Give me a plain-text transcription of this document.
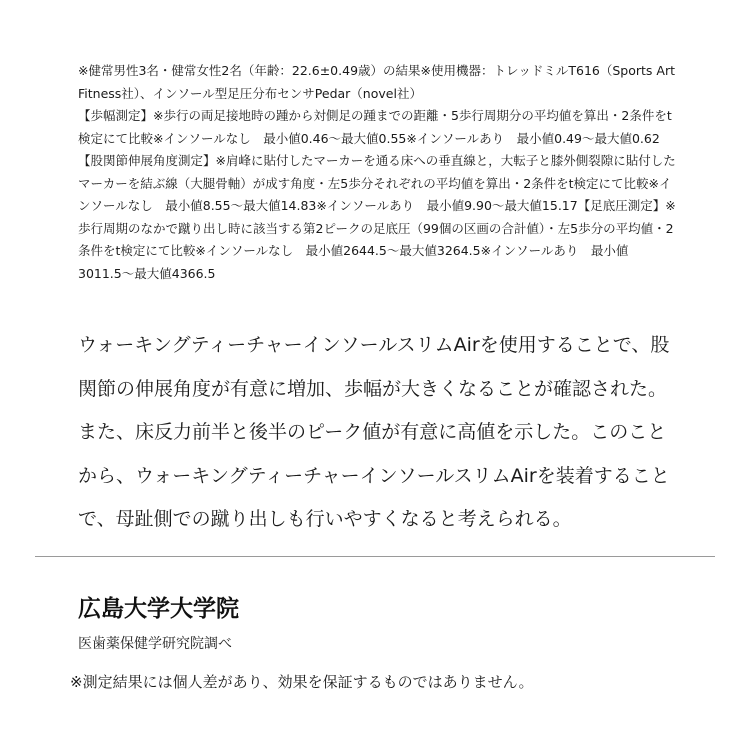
※健常男性3名・健常女性2名（年齢：22.6±0.49歳）の結果※使用機器：トレッドミルT616（Sports Art Fitness社）、インソール型足圧分布センサPedar（novel社）

【歩幅測定】※歩行の両足接地時の踵から対側足の踵までの距離・5歩行周期分の平均値を算出・2条件をt検定にて比較※インソールなし　最小値0.46〜最大値0.55※インソールあり　最小値0.49〜最大値0.62【股関節伸展角度測定】※肩峰に貼付したマーカーを通る床への垂直線と，大転子と膝外側裂隙に貼付したマーカーを結ぶ線（大腿骨軸）が成す角度・左5歩分それぞれの平均値を算出・2条件をt検定にて比較※インソールなし　最小値8.55〜最大値14.83※インソールあり　最小値9.90〜最大値15.17【足底圧測定】※歩行周期のなかで蹴り出し時に該当する第2ピークの足底圧（99個の区画の合計値）・左5歩分の平均値・2条件をt検定にて比較※インソールなし　最小値2644.5〜最大値3264.5※インソールあり　最小値3011.5〜最大値4366.5

ウォーキングティーチャーインソールスリムAirを使用することで、股関節の伸展角度が有意に増加、歩幅が大きくなることが確認された。また、床反力前半と後半のピーク値が有意に高値を示した。このことから、ウォーキングティーチャーインソールスリムAirを装着することで、母趾側での蹴り出しも行いやすくなると考えられる。
広島大学大学院
医歯薬保健学研究院調べ
※測定結果には個人差があり、効果を保証するものではありません。
